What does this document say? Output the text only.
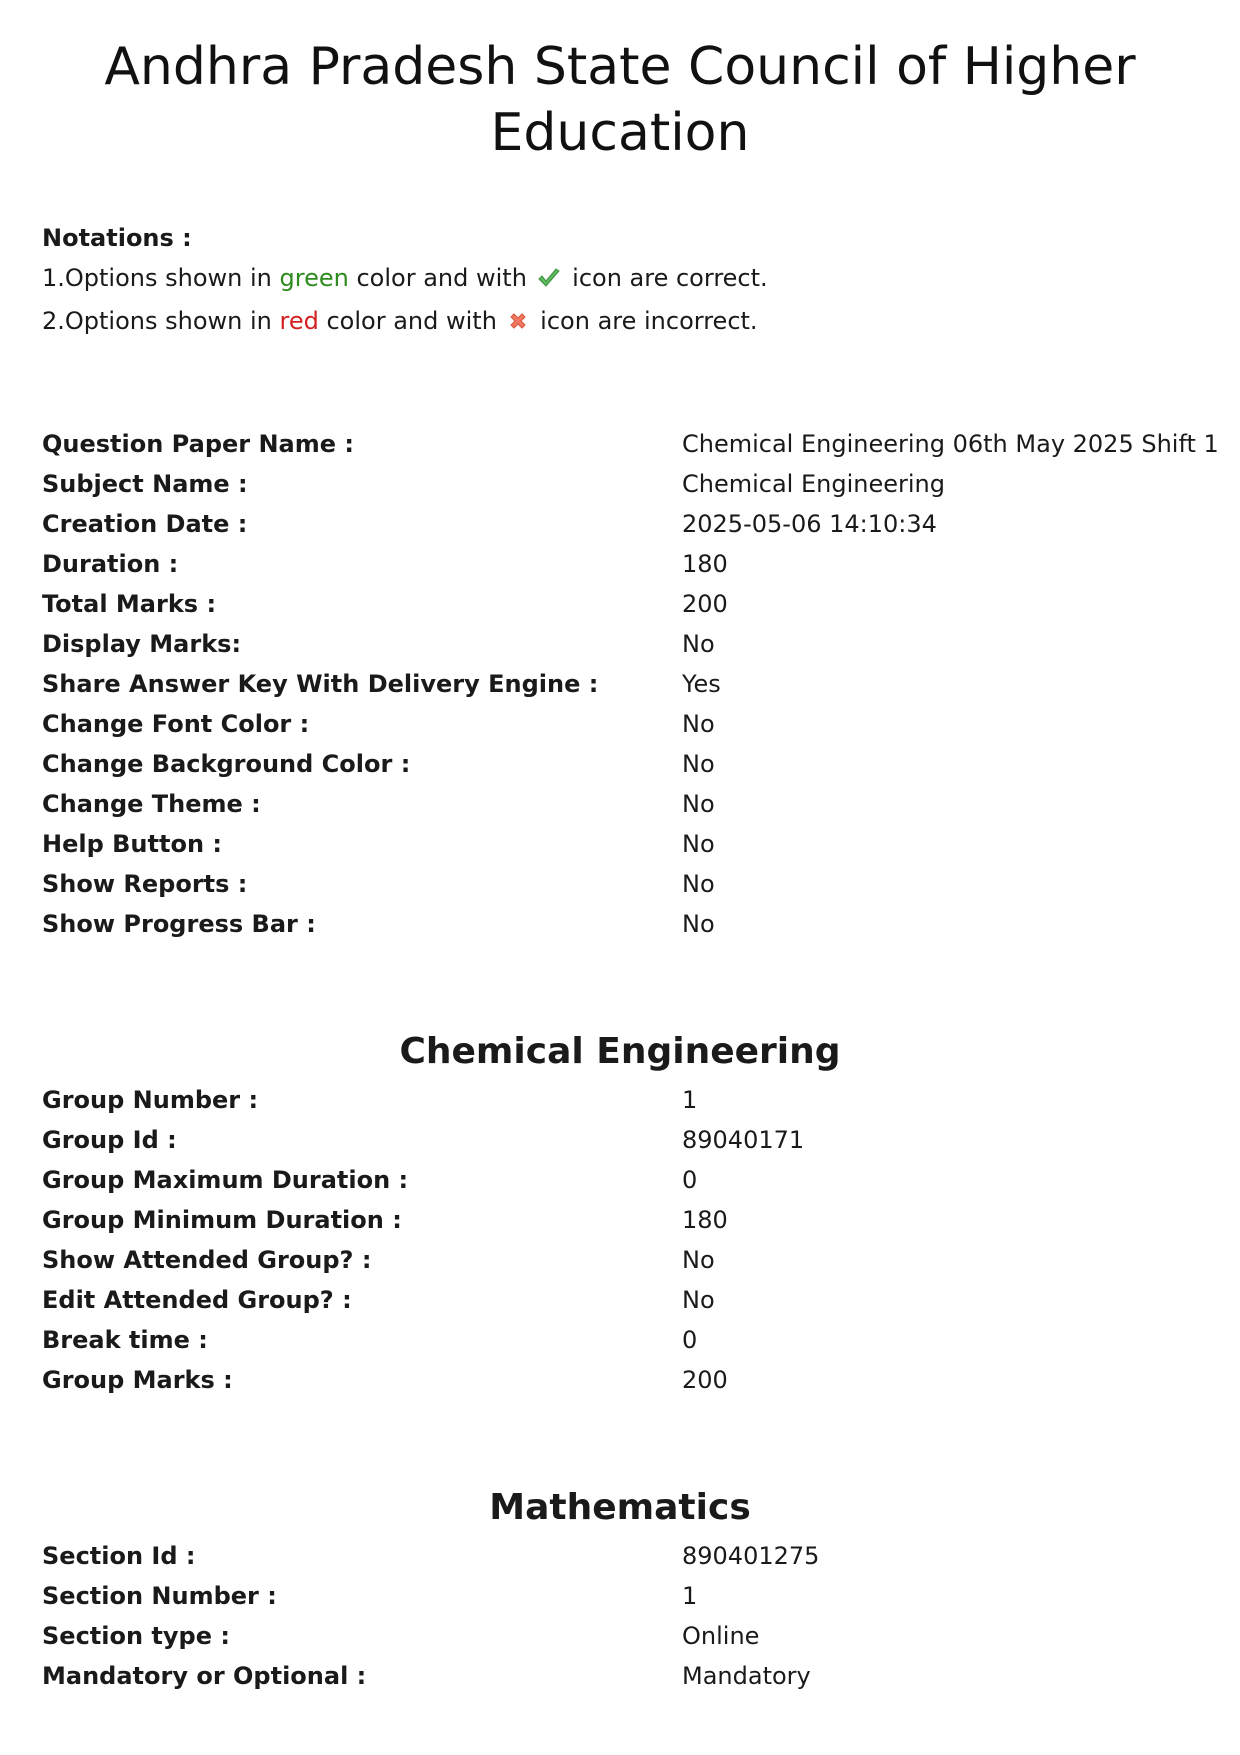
Andhra Pradesh State Council of Higher Education
Notations :
1.Options shown in green color and with  icon are correct.
2.Options shown in red color and with  icon are incorrect.
Question Paper Name :	Chemical Engineering 06th May 2025 Shift 1
Subject Name :	Chemical Engineering
Creation Date :	2025-05-06 14:10:34
Duration :	180
Total Marks :	200
Display Marks:	No
Share Answer Key With Delivery Engine :	Yes
Change Font Color :	No
Change Background Color :	No
Change Theme :	No
Help Button :	No
Show Reports :	No
Show Progress Bar :	No
Chemical Engineering
Group Number :	1
Group Id :	89040171
Group Maximum Duration :	0
Group Minimum Duration :	180
Show Attended Group? :	No
Edit Attended Group? :	No
Break time :	0
Group Marks :	200
Mathematics
Section Id :	890401275
Section Number :	1
Section type :	Online
Mandatory or Optional :	Mandatory
